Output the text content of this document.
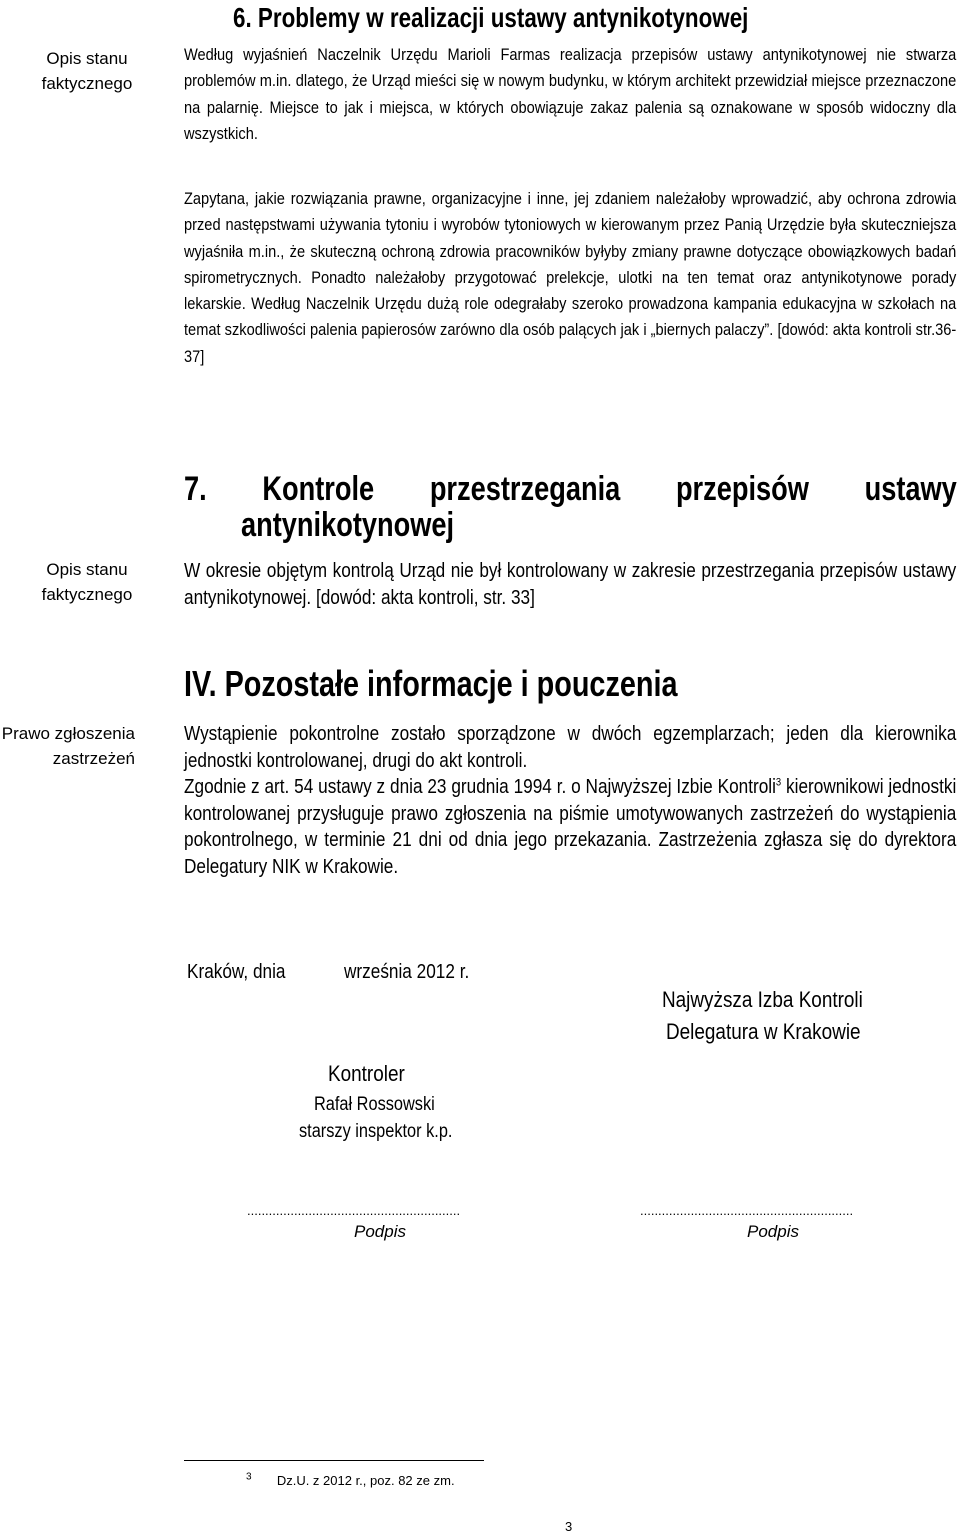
6. Problemy w realizacji ustawy antynikotynowej
Opis stanu faktycznego
Według wyjaśnień Naczelnik Urzędu Marioli Farmas realizacja przepisów ustawy antynikotynowej nie stwarza problemów m.in. dlatego, że Urząd mieści się w nowym budynku, w którym architekt przewidział miejsce przeznaczone na palarnię. Miejsce to jak i miejsca, w których obowiązuje zakaz palenia są oznakowane w sposób widoczny dla wszystkich.
Zapytana, jakie rozwiązania prawne, organizacyjne i inne, jej zdaniem należałoby wprowadzić, aby ochrona zdrowia przed następstwami używania tytoniu i wyrobów tytoniowych w kierowanym przez Panią Urzędzie była skuteczniejsza wyjaśniła m.in., że skuteczną ochroną zdrowia pracowników byłyby zmiany prawne dotyczące obowiązkowych badań spirometrycznych. Ponadto należałoby przygotować prelekcje, ulotki na ten temat oraz antynikotynowe porady lekarskie. Według Naczelnik Urzędu dużą role odegrałaby szeroko prowadzona kampania edukacyjna w szkołach na temat szkodliwości palenia papierosów zarówno dla osób palących jak i „biernych palaczy”. [dowód: akta kontroli str.36-37]
7. Kontrole przestrzegania przepisów ustawy
antynikotynowej
Opis stanu faktycznego
W okresie objętym kontrolą Urząd nie był kontrolowany w zakresie przestrzegania przepisów ustawy antynikotynowej. [dowód: akta kontroli, str. 33]
IV. Pozostałe informacje i pouczenia
Prawo zgłoszenia zastrzeżeń
Wystąpienie pokontrolne zostało sporządzone w dwóch egzemplarzach; jeden dla kierownika jednostki kontrolowanej, drugi do akt kontroli.
Zgodnie z art. 54 ustawy z dnia 23 grudnia 1994 r. o Najwyższej Izbie Kontroli$^3$ kierownikowi jednostki kontrolowanej przysługuje prawo zgłoszenia na piśmie umotywowanych zastrzeżeń do wystąpienia pokontrolnego, w terminie 21 dni od dnia jego przekazania. Zastrzeżenia zgłasza się do dyrektora Delegatury NIK w Krakowie.
Kraków, dnia	września 2012 r.
Najwyższa Izba Kontroli
Delegatura w Krakowie
Kontroler
Rafał Rossowski
starszy inspektor k.p.
...........................................................	...........................................................
Podpis	Podpis
$^3$ Dz.U. z 2012 r., poz. 82 ze zm.
3
